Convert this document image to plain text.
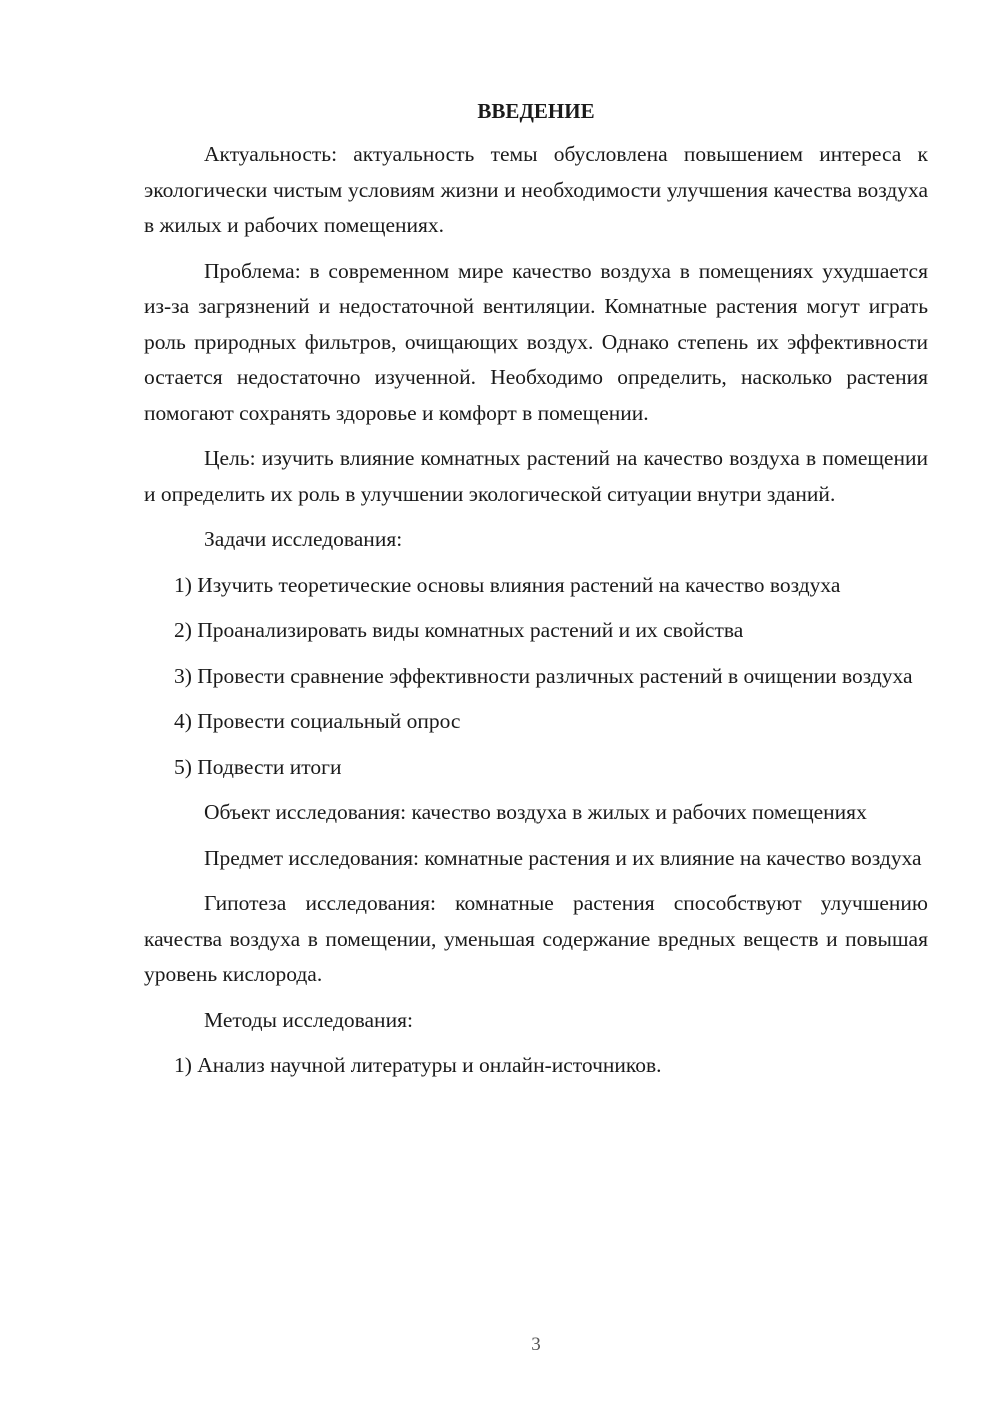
ВВЕДЕНИЕ

Актуальность: актуальность темы обусловлена повышением интереса к экологически чистым условиям жизни и необходимости улучшения качества воздуха в жилых и рабочих помещениях.

Проблема: в современном мире качество воздуха в помещениях ухудшается из-за загрязнений и недостаточной вентиляции. Комнатные растения могут играть роль природных фильтров, очищающих воздух. Однако степень их эффективности остается недостаточно изученной. Необходимо определить, насколько растения помогают сохранять здоровье и комфорт в помещении.

Цель: изучить влияние комнатных растений на качество воздуха в помещении и определить их роль в улучшении экологической ситуации внутри зданий.

Задачи исследования:

1) Изучить теоретические основы влияния растений на качество воздуха

2) Проанализировать виды комнатных растений и их свойства

3) Провести сравнение эффективности различных растений в очищении воздуха

4) Провести социальный опрос

5) Подвести итоги

Объект исследования: качество воздуха в жилых и рабочих помещениях

Предмет исследования: комнатные растения и их влияние на качество воздуха

Гипотеза исследования: комнатные растения способствуют улучшению качества воздуха в помещении, уменьшая содержание вредных веществ и повышая уровень кислорода.

Методы исследования:

1) Анализ научной литературы и онлайн-источников.

3
